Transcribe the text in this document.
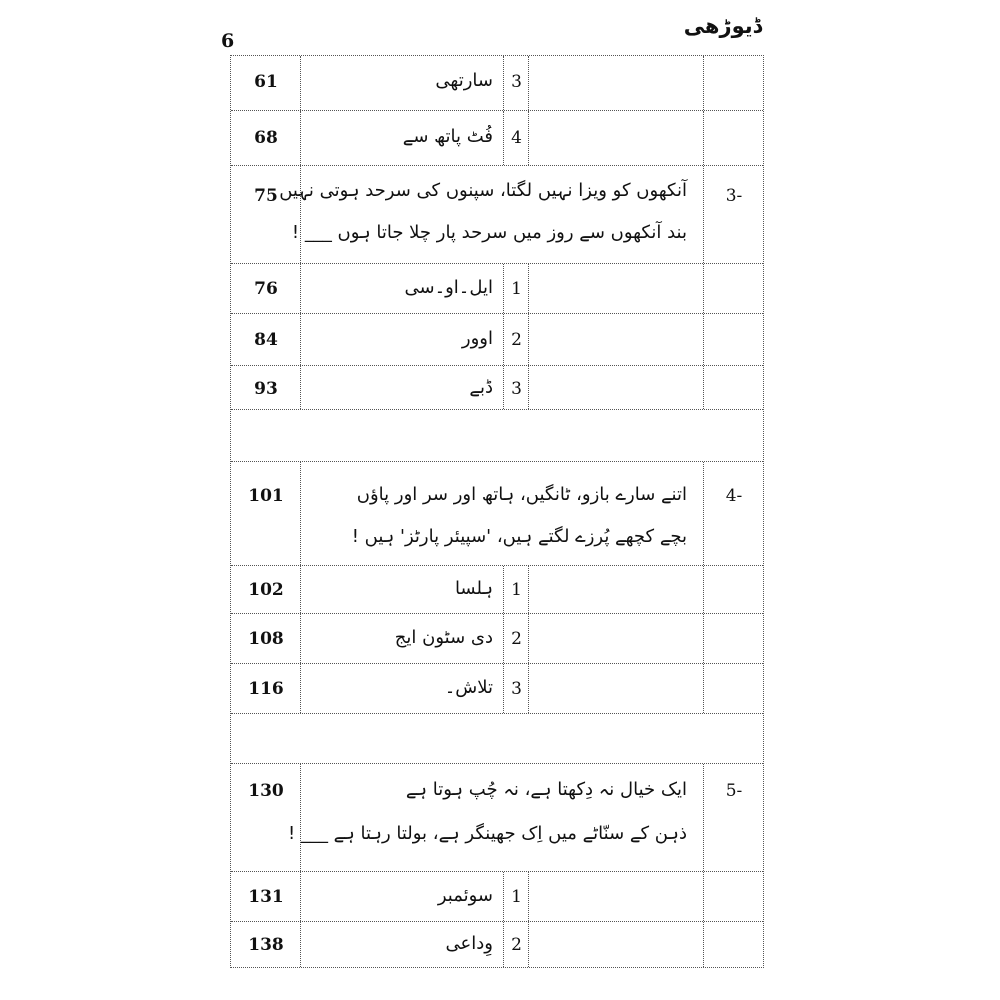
6
ڈیوڑھی
61	سارتھی	3
68	فُٹ پاتھ سے	4
75 آنکھوں کو ویزا نہیں لگتا، سپنوں کی سرحد ہوتی نہیں
بند آنکھوں سے روز میں سرحد پار چلا جاتا ہوں ___ !
3-
76	ایل۔او۔سی	1
84	اوور	2
93	ڈبے	3
101	اتنے سارے بازو، ٹانگیں، ہاتھ اور سر اور پاؤں
بچے کچھے پُرزے لگتے ہیں، 'سپیئر پارٹز' ہیں !
4-
102	ہلسا	1
108	دی سٹون ایج	2
116	تلاش۔	3
130	ایک خیال نہ دِکھتا ہے، نہ چُپ ہوتا ہے
ذہن کے سنّاٹے میں اِک جھینگر ہے، بولتا رہتا ہے ___ !
5-
131	سوئمبر	1
138	وِداعی	2
